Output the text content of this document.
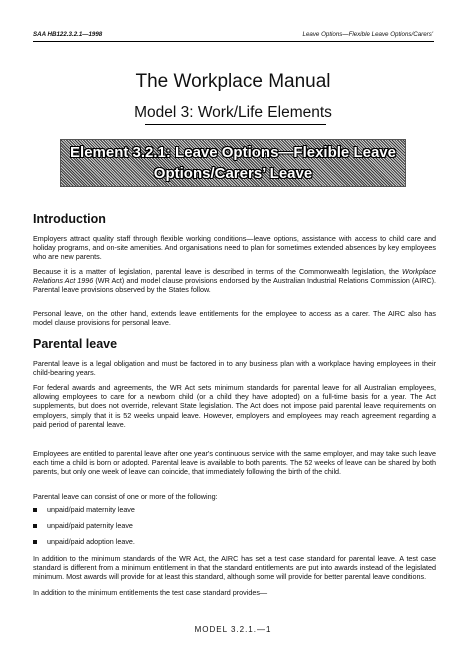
SAA HB122.3.2.1—1998	Leave Options—Flexible Leave Options/Carers'
The Workplace Manual
Model 3: Work/Life Elements
Element 3.2.1: Leave Options—Flexible Leave
Options/Carers’ Leave
Introduction

Employers attract quality staff through flexible working conditions—leave options, assistance with access to child care and holiday programs, and on-site amenities. And organisations need to plan for sometimes extended absences by key employees who are new parents.

Because it is a matter of legislation, parental leave is described in terms of the Commonwealth legislation, the Workplace Relations Act 1996 (WR Act) and model clause provisions endorsed by the Australian Industrial Relations Commission (AIRC). Parental leave provisions observed by the States follow.

Personal leave, on the other hand, extends leave entitlements for the employee to access as a carer. The AIRC also has model clause provisions for personal leave.

Parental leave

Parental leave is a legal obligation and must be factored in to any business plan with a workplace having employees in their child-bearing years.

For federal awards and agreements, the WR Act sets minimum standards for parental leave for all Australian employees, allowing employees to care for a newborn child (or a child they have adopted) on a full-time basis for a year. The Act supplements, but does not override, relevant State legislation. The Act does not impose paid parental leave requirements on employers, simply that it is 52 weeks unpaid leave. However, employers and employees may reach agreement regarding a paid period of parental leave.

Employees are entitled to parental leave after one year's continuous service with the same employer, and may take such leave each time a child is born or adopted. Parental leave is available to both parents. The 52 weeks of leave can be shared by both parents, but only one week of leave can coincide, that immediately following the birth of the child.

Parental leave can consist of one or more of the following:

unpaid/paid maternity leave
unpaid/paid paternity leave
unpaid/paid adoption leave.

In addition to the minimum standards of the WR Act, the AIRC has set a test case standard for parental leave. A test case standard is different from a minimum entitlement in that the standard entitlements are put into awards instead of the legislated minimum. Most awards will provide for at least this standard, although some will provide for better parental leave conditions.

In addition to the minimum entitlements the test case standard provides—

MODEL 3.2.1.—1
